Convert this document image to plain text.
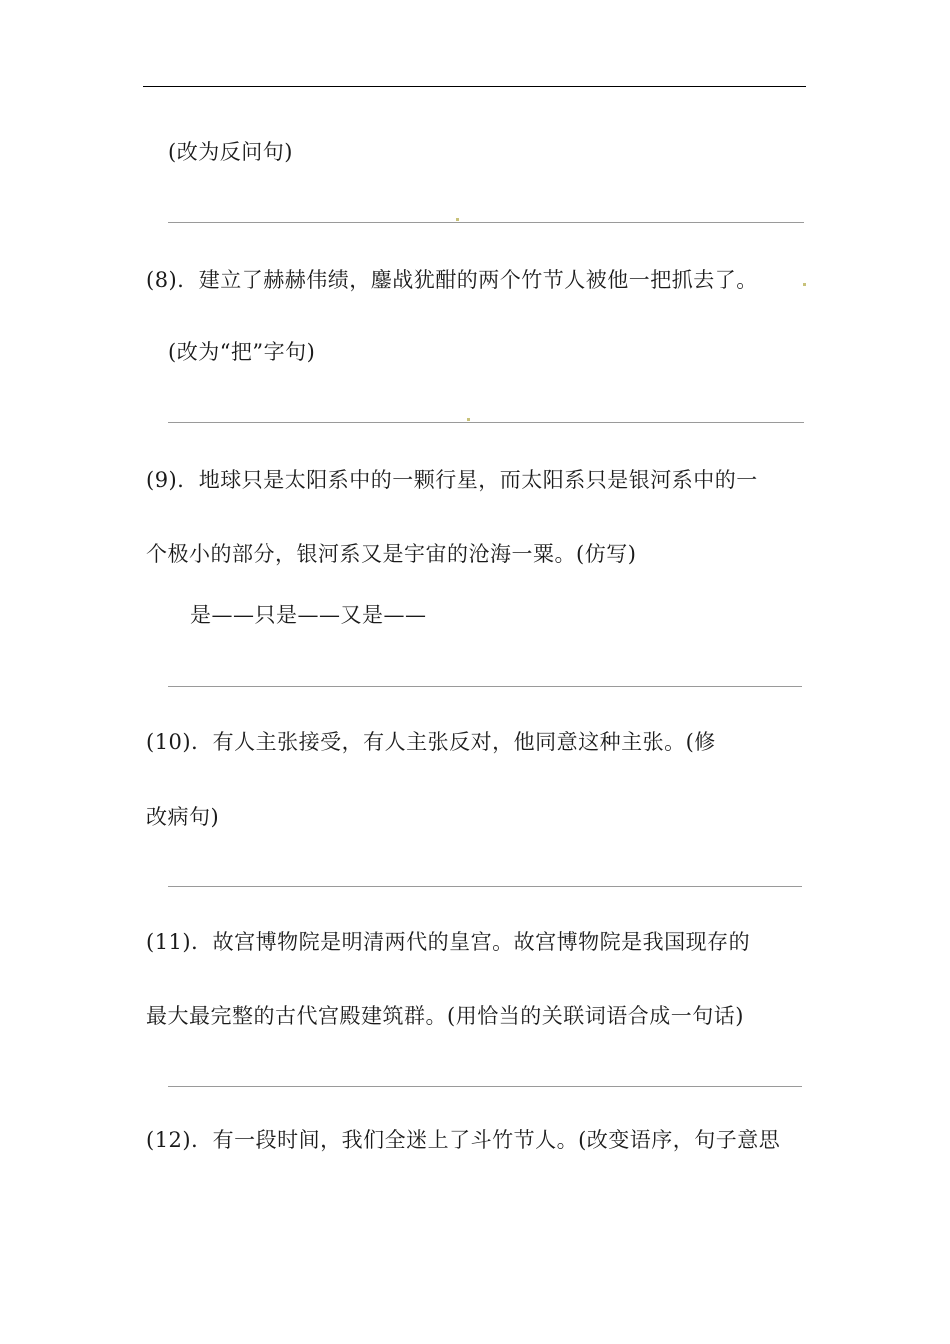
(改为反问句)
(8)．建立了赫赫伟绩，鏖战犹酣的两个竹节人被他一把抓去了。
(改为“把”字句)
(9)．地球只是太阳系中的一颗行星，而太阳系只是银河系中的一
个极小的部分，银河系又是宇宙的沧海一粟。(仿写)
是——只是——又是——
(10)．有人主张接受，有人主张反对，他同意这种主张。(修
改病句)
(11)．故宫博物院是明清两代的皇宫。故宫博物院是我国现存的
最大最完整的古代宫殿建筑群。(用恰当的关联词语合成一句话)
(12)．有一段时间，我们全迷上了斗竹节人。(改变语序，句子意思
